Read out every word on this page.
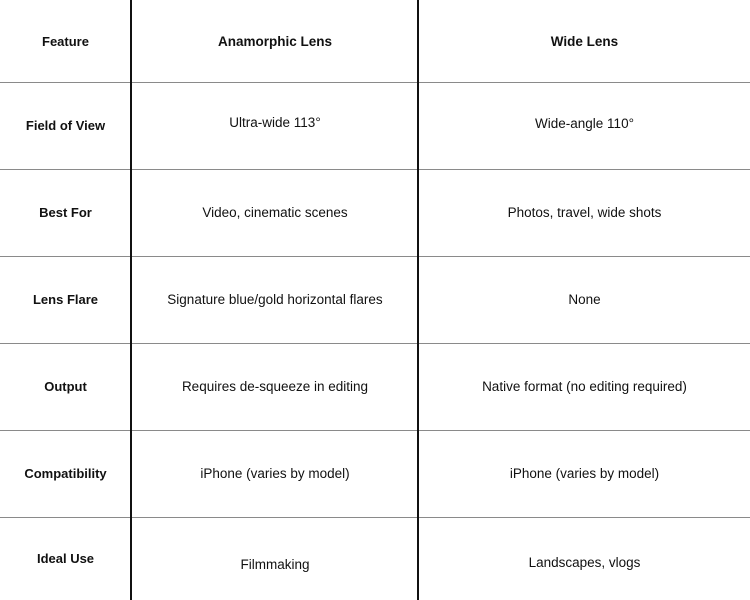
Feature	Anamorphic Lens	Wide Lens
Field of View	Ultra-wide 113°	Wide-angle 110°
Best For	Video, cinematic scenes	Photos, travel, wide shots
Lens Flare	Signature blue/gold horizontal flares	None
Output	Requires de-squeeze in editing	Native format (no editing required)
Compatibility	iPhone (varies by model)	iPhone (varies by model)
Ideal Use	Filmmaking	Landscapes, vlogs
